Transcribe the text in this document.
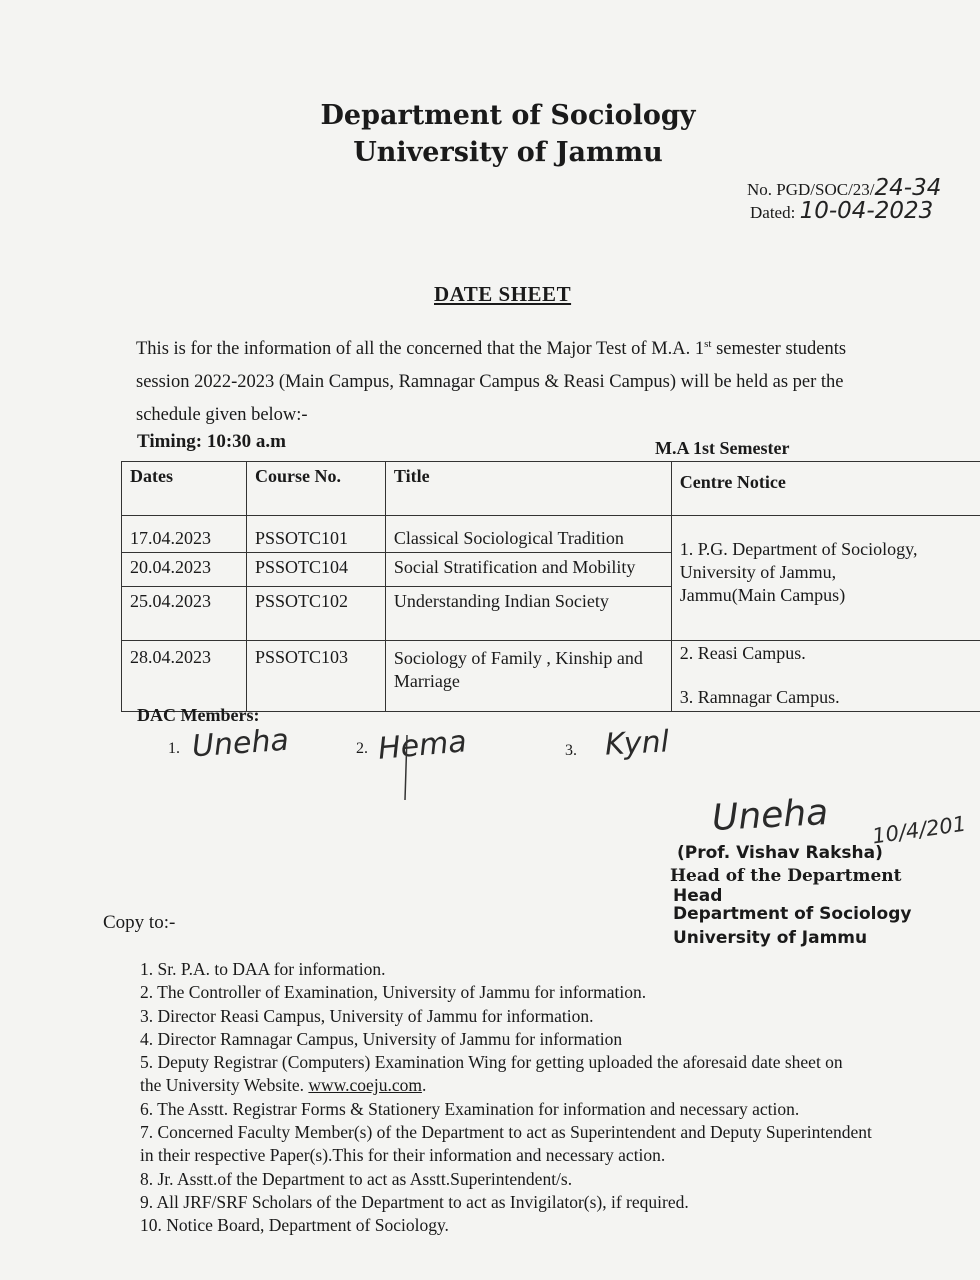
Department of Sociology
University of Jammu
No. PGD/SOC/23/24-34
Dated: 10-04-2023
DATE SHEET
This is for the information of all the concerned that the Major Test of M.A. 1st semester students
session 2022-2023 (Main Campus, Ramnagar Campus & Reasi Campus) will be held as per the
schedule given below:-
Timing: 10:30 a.m	M.A 1st Semester
Dates	Course No.	Title	Centre Notice
17.04.2023	PSSOTC101	Classical Sociological Tradition	1. P.G. Department of Sociology,
University of Jammu,
Jammu(Main Campus)

20.04.2023	PSSOTC104	Social Stratification and Mobility	
25.04.2023	PSSOTC102	Understanding Indian Society	
28.04.2023	PSSOTC103	Sociology of Family , Kinship and Marriage	2. Reasi Campus.
3. Ramnagar Campus.
DAC Members:
1. Uneha	2. Hema	3. Kynl
Uneha 10/4/201
(Prof. Vishav Raksha)
Head of the Department
Head
Department of Sociology
University of Jammu
Copy to:-
1. Sr. P.A. to DAA for information.
2. The Controller of Examination, University of Jammu for information.
3. Director Reasi Campus, University of Jammu for information.
4. Director Ramnagar Campus, University of Jammu for information
5. Deputy Registrar (Computers) Examination Wing for getting uploaded the aforesaid date sheet on
the University Website. www.coeju.com.
6. The Asstt. Registrar Forms & Stationery Examination for information and necessary action.
7. Concerned Faculty Member(s) of the Department to act as Superintendent and Deputy Superintendent
in their respective Paper(s).This for their information and necessary action.
8. Jr. Asstt.of the Department to act as Asstt.Superintendent/s.
9. All JRF/SRF Scholars of the Department to act as Invigilator(s), if required.
10. Notice Board, Department of Sociology.
